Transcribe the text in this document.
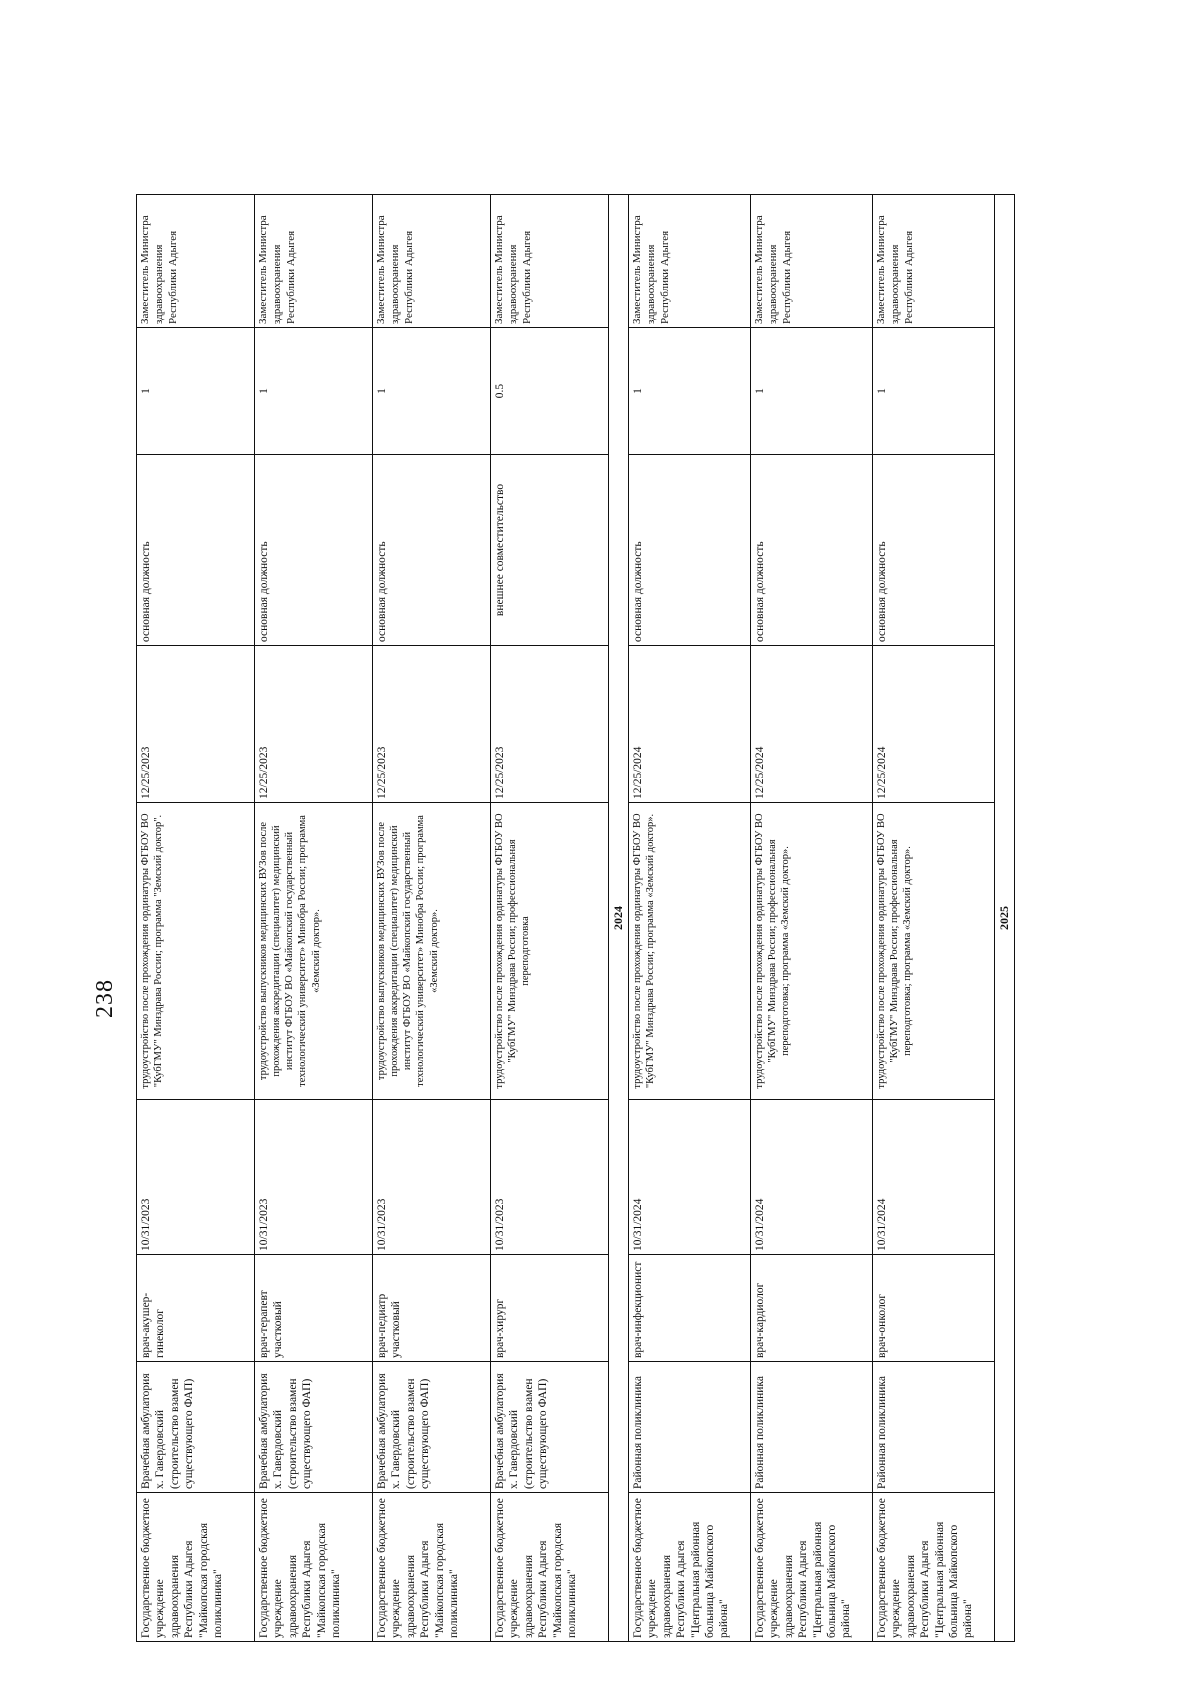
238
Государственное бюджетное учреждение здравоохранения Республики Адыгея "Майкопская городская поликлиника"	Врачебная амбулатория х. Гавердовский (строительство взамен существующего ФАП)	врач-акушер-гинеколог	10/31/2023	трудоустройство после прохождения ординатуры ФГБОУ ВО "КубГМУ" Минздрава России; программа "Земский доктор".	12/25/2023	основная должность	1	Заместитель Министра здравоохранения Республики Адыгея
Государственное бюджетное учреждение здравоохранения Республики Адыгея "Майкопская городская поликлиника"	Врачебная амбулатория х. Гавердовский (строительство взамен существующего ФАП)	врач-терапевт участковый	10/31/2023	трудоустройство выпускников медицинских ВУЗов после прохождения аккредитации (специалитет) медицинский институт ФГБОУ ВО «Майкопский государственный технологический университет» Минобра России; программа «Земский доктор».	12/25/2023	основная должность	1	Заместитель Министра здравоохранения Республики Адыгея
Государственное бюджетное учреждение здравоохранения Республики Адыгея "Майкопская городская поликлиника"	Врачебная амбулатория х. Гавердовский (строительство взамен существующего ФАП)	врач-педиатр участковый	10/31/2023	трудоустройство выпускников медицинских ВУЗов после прохождения аккредитации (специалитет) медицинский институт ФГБОУ ВО «Майкопский государственный технологический университет» Минобра России; программа «Земский доктор».	12/25/2023	основная должность	1	Заместитель Министра здравоохранения Республики Адыгея
Государственное бюджетное учреждение здравоохранения Республики Адыгея "Майкопская городская поликлиника"	Врачебная амбулатория х. Гавердовский (строительство взамен существующего ФАП)	врач-хирург	10/31/2023	трудоустройство после прохождения ординатуры ФГБОУ ВО "КубГМУ" Минздрава России; профессиональная переподготовка	12/25/2023	внешнее совместительство	0.5	Заместитель Министра здравоохранения Республики Адыгея
2024								
Государственное бюджетное учреждение здравоохранения Республики Адыгея "Центральная районная больница Майкопского района"	Районная поликлиника	врач-инфекционист	10/31/2024	трудоустройство после прохождения ординатуры ФГБОУ ВО "КубГМУ" Минздрава России; программа «Земский доктор».	12/25/2024	основная должность	1	Заместитель Министра здравоохранения Республики Адыгея
Государственное бюджетное учреждение здравоохранения Республики Адыгея "Центральная районная больница Майкопского района"	Районная поликлиника	врач-кардиолог	10/31/2024	трудоустройство после прохождения ординатуры ФГБОУ ВО "КубГМУ" Минздрава России; профессиональная переподготовка; программа «Земский доктор».	12/25/2024	основная должность	1	Заместитель Министра здравоохранения Республики Адыгея
Государственное бюджетное учреждение здравоохранения Республики Адыгея "Центральная районная больница Майкопского района"	Районная поликлиника	врач-онколог	10/31/2024	трудоустройство после прохождения ординатуры ФГБОУ ВО "КубГМУ" Минздрава России; профессиональная переподготовка; программа «Земский доктор».	12/25/2024	основная должность	1	Заместитель Министра здравоохранения Республики Адыгея
2025								
